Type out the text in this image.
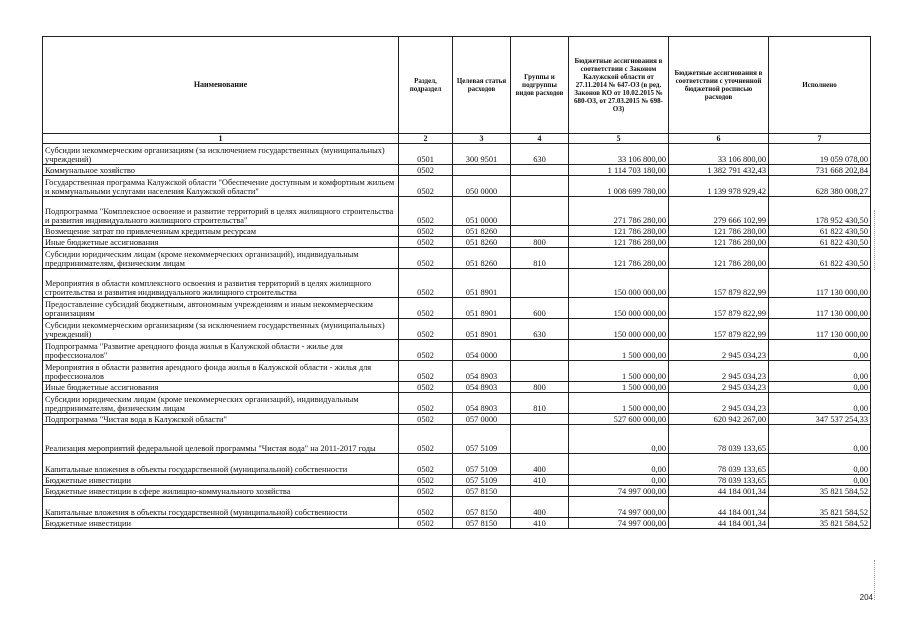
Наименование	Раздел, подраздел	Целевая статья расходов	Группы и подгруппы видов расходов	Бюджетные ассигнования в соответствии с Законом Калужской области от 27.11.2014 № 647-ОЗ (в ред. Законов КО от 10.02.2015 № 680-ОЗ, от 27.03.2015 № 698-ОЗ)	Бюджетные ассигнования в соответствии с уточненной бюджетной росписью расходов	Исполнено
1	2	3	4	5	6	7
Субсидии некоммерческим организациям (за исключением государственных (муниципальных) учреждений)	0501	300 9501	630	33 106 800,00	33 106 800,00	19 059 078,00
Коммунальное хозяйство	0502			1 114 703 180,00	1 382 791 432,43	731 668 202,84
Государственная программа Калужской области "Обеспечение доступным и комфортным жильем и коммунальными услугами населения Калужской области"	0502	050 0000		1 008 699 780,00	1 139 978 929,42	628 380 008,27
Подпрограмма "Комплексное освоение и развитие территорий в целях жилищного строительства и развития индивидуального жилищного строительства"	0502	051 0000		271 786 280,00	279 666 102,99	178 952 430,50
Возмещение затрат по привлеченным кредитным ресурсам	0502	051 8260		121 786 280,00	121 786 280,00	61 822 430,50
Иные бюджетные ассигнования	0502	051 8260	800	121 786 280,00	121 786 280,00	61 822 430,50
Субсидии юридическим лицам (кроме некоммерческих организаций), индивидуальным предпринимателям, физическим лицам	0502	051 8260	810	121 786 280,00	121 786 280,00	61 822 430,50
Мероприятия в области комплексного освоения и развития территорий в целях жилищного строительства и развития индивидуального жилищного строительства	0502	051 8901		150 000 000,00	157 879 822,99	117 130 000,00
Предоставление субсидий бюджетным, автономным учреждениям и иным некоммерческим организациям	0502	051 8901	600	150 000 000,00	157 879 822,99	117 130 000,00
Субсидии некоммерческим организациям (за исключением государственных (муниципальных) учреждений)	0502	051 8901	630	150 000 000,00	157 879 822,99	117 130 000,00
Подпрограмма "Развитие арендного фонда жилья в Калужской области - жилье для профессионалов"	0502	054 0000		1 500 000,00	2 945 034,23	0,00
Мероприятия в области развития арендного фонда жилья в Калужской области - жилья для профессионалов	0502	054 8903		1 500 000,00	2 945 034,23	0,00
Иные бюджетные ассигнования	0502	054 8903	800	1 500 000,00	2 945 034,23	0,00
Субсидии юридическим лицам (кроме некоммерческих организаций), индивидуальным предпринимателям, физическим лицам	0502	054 8903	810	1 500 000,00	2 945 034,23	0,00
Подпрограмма "Чистая вода в Калужской области"	0502	057 0000		527 600 000,00	620 942 267,00	347 537 254,33
Реализация мероприятий федеральной целевой программы "Чистая вода" на 2011-2017 годы	0502	057 5109		0,00	78 039 133,65	0,00
Капитальные вложения в объекты государственной (муниципальной) собственности	0502	057 5109	400	0,00	78 039 133,65	0,00
Бюджетные инвестиции	0502	057 5109	410	0,00	78 039 133,65	0,00
Бюджетные инвестиции в сфере жилищно-коммунального хозяйства	0502	057 8150		74 997 000,00	44 184 001,34	35 821 584,52
Капитальные вложения в объекты государственной (муниципальной) собственности	0502	057 8150	400	74 997 000,00	44 184 001,34	35 821 584,52
Бюджетные инвестиции	0502	057 8150	410	74 997 000,00	44 184 001,34	35 821 584,52
204
